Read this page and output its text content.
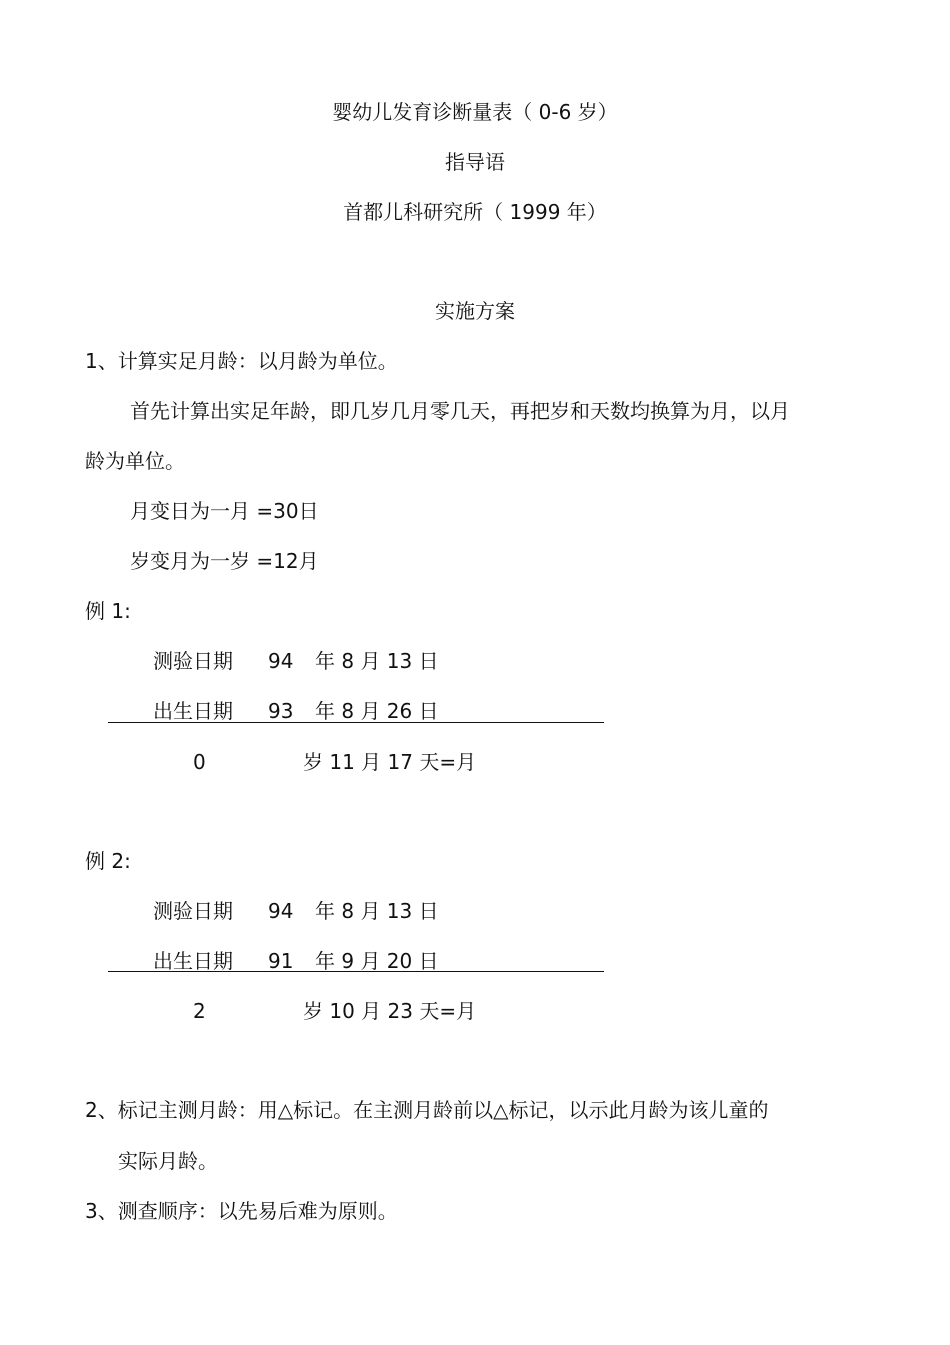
婴幼儿发育诊断量表（ 0-6 岁）
指导语
首都儿科研究所（ 1999 年）
实施方案
1、计算实足月龄：以月龄为单位。
首先计算出实足年龄，即几岁几月零几天，再把岁和天数均换算为月，以月
龄为单位。
月变日为一月 =30日
岁变月为一岁 =12月
例 1:
测验日期 94 年 8 月 13 日
出生日期 93 年 8 月 26 日
0	岁 11 月 17 天=月
例 2:
测验日期 94 年 8 月 13 日
出生日期 91 年 9 月 20 日
2	岁 10 月 23 天=月
2、标记主测月龄：用△标记。在主测月龄前以△标记，以示此月龄为该儿童的
实际月龄。
3、测查顺序：以先易后难为原则。
